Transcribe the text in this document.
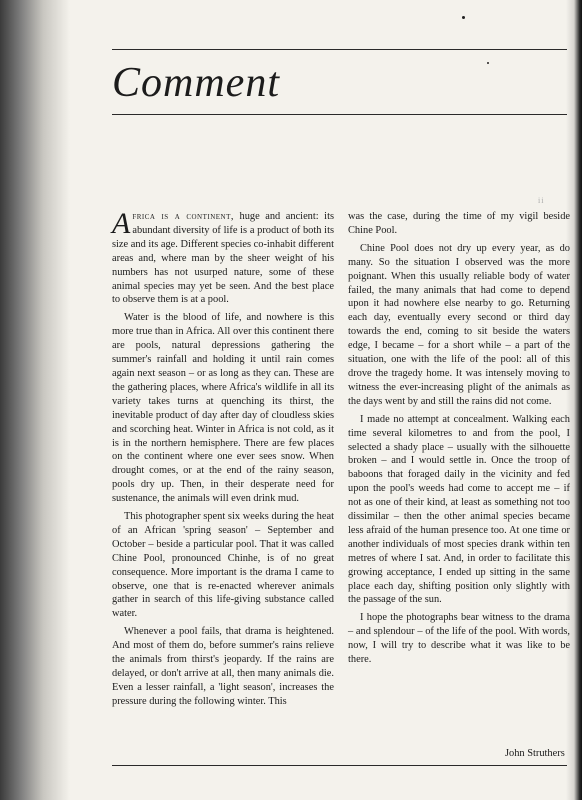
Comment
ii

Africa is a continent, huge and ancient: its abundant diversity of life is a product of both its size and its age. Different species co-inhabit different areas and, where man by the sheer weight of his numbers has not usurped nature, some of these animal species may yet be seen. And the best place to observe them is at a pool.

Water is the blood of life, and nowhere is this more true than in Africa. All over this continent there are pools, natural depressions gathering the summer's rainfall and holding it until rain comes again next season – or as long as they can. These are the gathering places, where Africa's wildlife in all its variety takes turns at quenching its thirst, the inevitable product of day after day of cloudless skies and scorching heat. Winter in Africa is not cold, as it is in the northern hemisphere. There are few places on the continent where one ever sees snow. When drought comes, or at the end of the rainy season, pools dry up. Then, in their desperate need for sustenance, the animals will even drink mud.

This photographer spent six weeks during the heat of an African 'spring season' – September and October – beside a particular pool. That it was called Chine Pool, pronounced Chinhe, is of no great consequence. More important is the drama I came to observe, one that is re-enacted wherever animals gather in search of this life-giving substance called water.

Whenever a pool fails, that drama is heightened. And most of them do, before summer's rains relieve the animals from thirst's jeopardy. If the rains are delayed, or don't arrive at all, then many animals die. Even a lesser rainfall, a 'light season', increases the pressure during the following winter. This

was the case, during the time of my vigil beside Chine Pool.

Chine Pool does not dry up every year, as do many. So the situation I observed was the more poignant. When this usually reliable body of water failed, the many animals that had come to depend upon it had nowhere else nearby to go. Returning each day, eventually every second or third day towards the end, coming to sit beside the waters edge, I became – for a short while – a part of the situation, one with the life of the pool: all of this drove the tragedy home. It was intensely moving to witness the ever-increasing plight of the animals as the days went by and still the rains did not come.

I made no attempt at concealment. Walking each time several kilometres to and from the pool, I selected a shady place – usually with the silhouette broken – and I would settle in. Once the troop of baboons that foraged daily in the vicinity and fed upon the pool's weeds had come to accept me – if not as one of their kind, at least as something not too dissimilar – then the other animal species became less afraid of the human presence too. At one time or another individuals of most species drank within ten metres of where I sat. And, in order to facilitate this growing acceptance, I ended up sitting in the same place each day, shifting position only slightly with the passage of the sun.

I hope the photographs bear witness to the drama – and splendour – of the life of the pool. With words, now, I will try to describe what it was like to be there.

John Struthers
